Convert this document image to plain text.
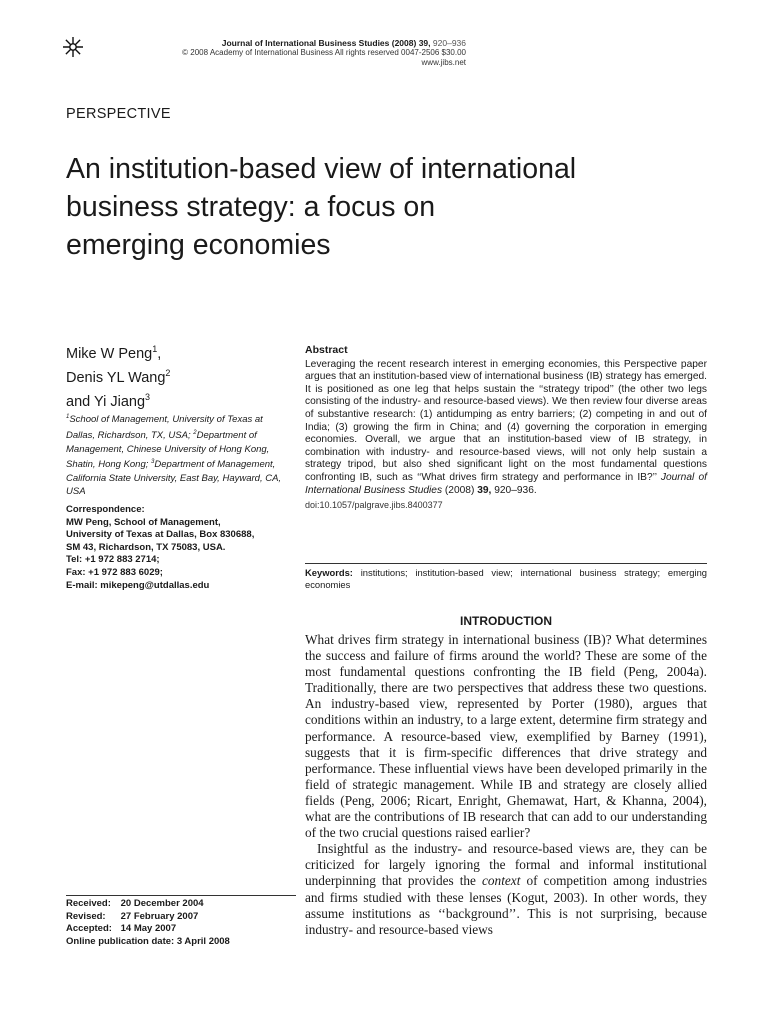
Journal of International Business Studies (2008) 39, 920–936
© 2008 Academy of International Business All rights reserved 0047-2506 $30.00
www.jibs.net
PERSPECTIVE
An institution-based view of international
business strategy: a focus on
emerging economies
Mike W Peng$^1$,
Denis YL Wang$^2$
and Yi Jiang$^3$
$^1$School of Management, University of Texas at Dallas, Richardson, TX, USA; $^2$Department of Management, Chinese University of Hong Kong, Shatin, Hong Kong; $^3$Department of Management, California State University, East Bay, Hayward, CA, USA
Correspondence:
MW Peng, School of Management,
University of Texas at Dallas, Box 830688,
SM 43, Richardson, TX 75083, USA.
Tel: +1 972 883 2714;
Fax: +1 972 883 6029;
E-mail: mikepeng@utdallas.edu
Received: 20 December 2004
Revised: 27 February 2007
Accepted: 14 May 2007
Online publication date: 3 April 2008
Abstract

Leveraging the recent research interest in emerging economies, this Perspective paper argues that an institution-based view of international business (IB) strategy has emerged. It is positioned as one leg that helps sustain the ‘‘strategy tripod’’ (the other two legs consisting of the industry- and resource-based views). We then review four diverse areas of substantive research: (1) antidumping as entry barriers; (2) competing in and out of India; (3) growing the firm in China; and (4) governing the corporation in emerging economies. Overall, we argue that an institution-based view of IB strategy, in combination with industry- and resource-based views, will not only help sustain a strategy tripod, but also shed significant light on the most fundamental questions confronting IB, such as ‘‘What drives firm strategy and performance in IB?’’ Journal of International Business Studies (2008) 39, 920–936.

doi:10.1057/palgrave.jibs.8400377
Keywords: institutions; institution-based view; international business strategy; emerging economies
INTRODUCTION

What drives firm strategy in international business (IB)? What determines the success and failure of firms around the world? These are some of the most fundamental questions confronting the IB field (Peng, 2004a). Traditionally, there are two perspectives that address these two questions. An industry-based view, represented by Porter (1980), argues that conditions within an industry, to a large extent, determine firm strategy and performance. A resource-based view, exemplified by Barney (1991), suggests that it is firm-specific differences that drive strategy and performance. These influential views have been developed primarily in the field of strategic management. While IB and strategy are closely allied fields (Peng, 2006; Ricart, Enright, Ghemawat, Hart, & Khanna, 2004), what are the contributions of IB research that can add to our understanding of the two crucial questions raised earlier?

Insightful as the industry- and resource-based views are, they can be criticized for largely ignoring the formal and informal institutional underpinning that provides the context of competition among industries and firms studied with these lenses (Kogut, 2003). In other words, they assume institutions as ‘‘background’’. This is not surprising, because industry- and resource-based views
